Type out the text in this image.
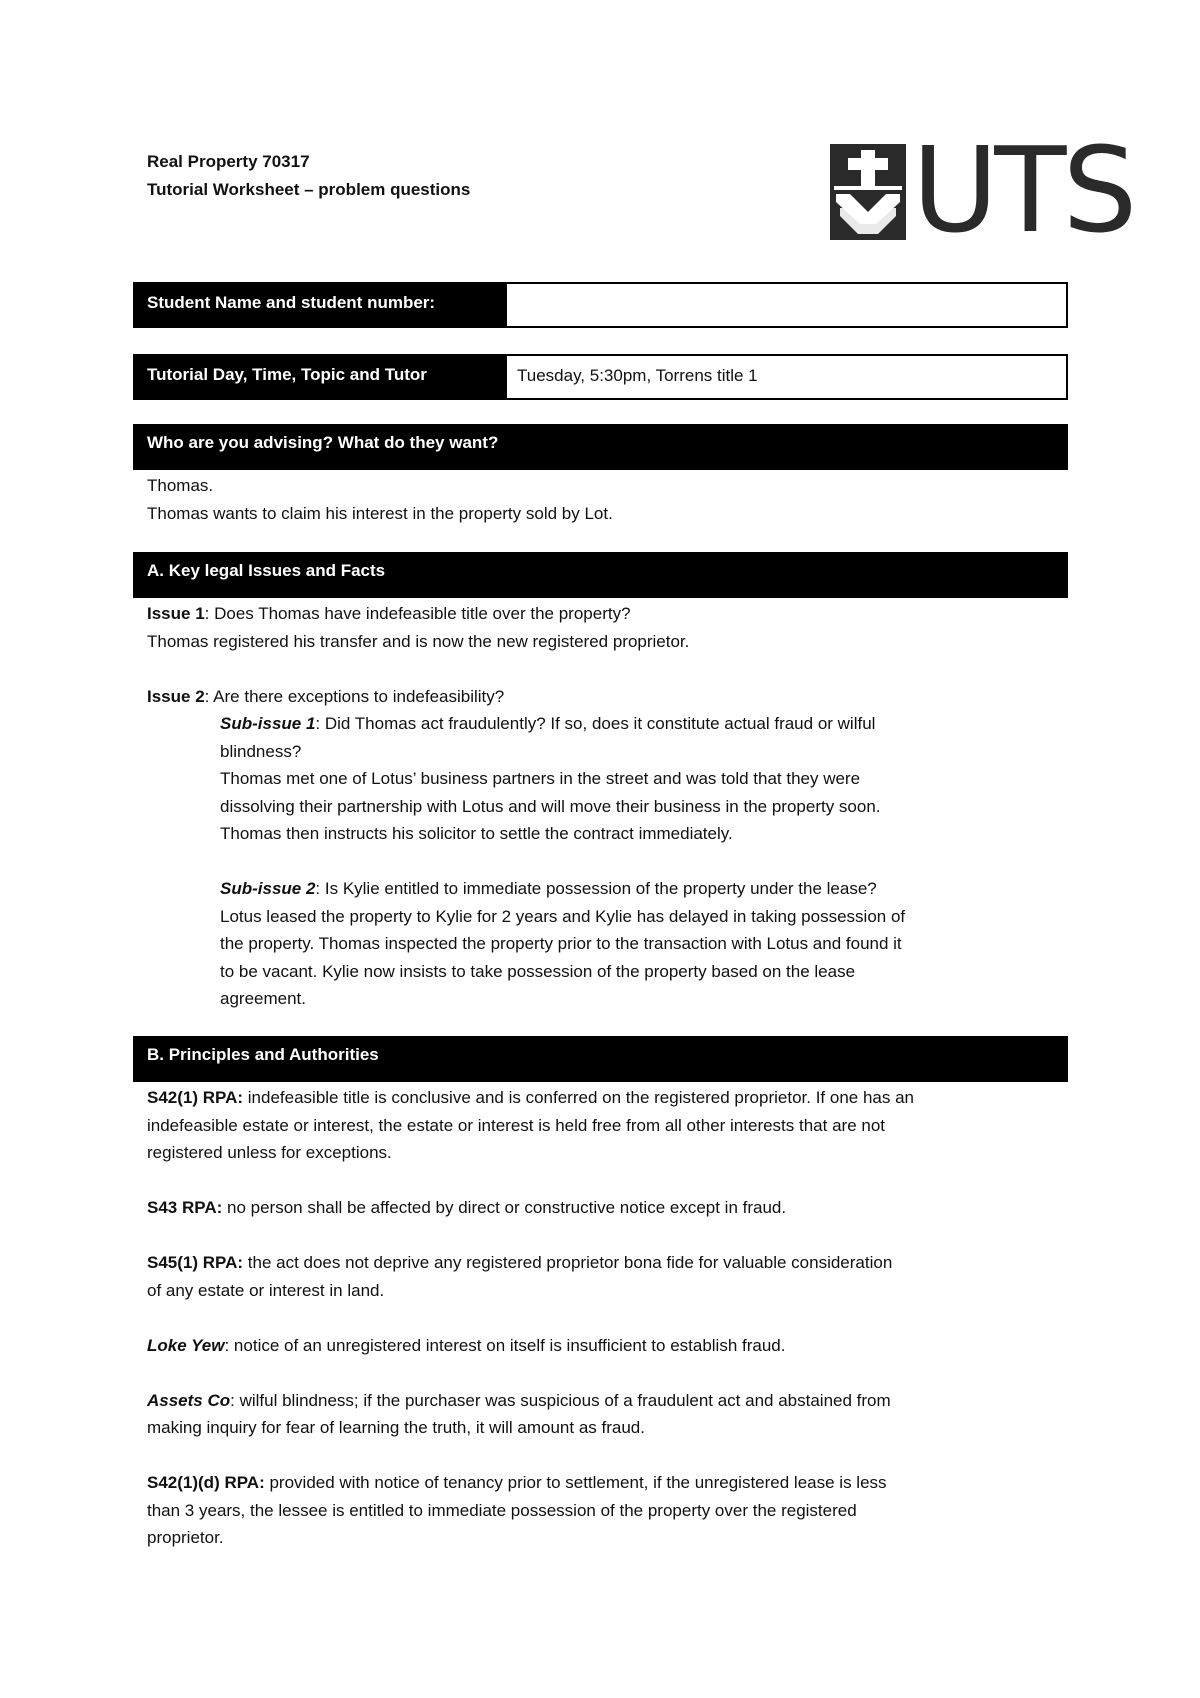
Real Property 70317
Tutorial Worksheet – problem questions	UTS
Student Name and student number:
Tutorial Day, Time, Topic and Tutor	Tuesday, 5:30pm, Torrens title 1
Who are you advising? What do they want?

Thomas.

Thomas wants to claim his interest in the property sold by Lot.

A. Key legal Issues and Facts

Issue 1: Does Thomas have indefeasible title over the property?

Thomas registered his transfer and is now the new registered proprietor.

Issue 2: Are there exceptions to indefeasibility?

Sub-issue 1: Did Thomas act fraudulently? If so, does it constitute actual fraud or wilful

blindness?

Thomas met one of Lotus’ business partners in the street and was told that they were

dissolving their partnership with Lotus and will move their business in the property soon.

Thomas then instructs his solicitor to settle the contract immediately.

Sub-issue 2: Is Kylie entitled to immediate possession of the property under the lease?

Lotus leased the property to Kylie for 2 years and Kylie has delayed in taking possession of

the property. Thomas inspected the property prior to the transaction with Lotus and found it

to be vacant. Kylie now insists to take possession of the property based on the lease

agreement.

B. Principles and Authorities

S42(1) RPA: indefeasible title is conclusive and is conferred on the registered proprietor. If one has an

indefeasible estate or interest, the estate or interest is held free from all other interests that are not

registered unless for exceptions.

S43 RPA: no person shall be affected by direct or constructive notice except in fraud.

S45(1) RPA: the act does not deprive any registered proprietor bona fide for valuable consideration

of any estate or interest in land.

Loke Yew: notice of an unregistered interest on itself is insufficient to establish fraud.

Assets Co: wilful blindness; if the purchaser was suspicious of a fraudulent act and abstained from

making inquiry for fear of learning the truth, it will amount as fraud.

S42(1)(d) RPA: provided with notice of tenancy prior to settlement, if the unregistered lease is less

than 3 years, the lessee is entitled to immediate possession of the property over the registered

proprietor.
